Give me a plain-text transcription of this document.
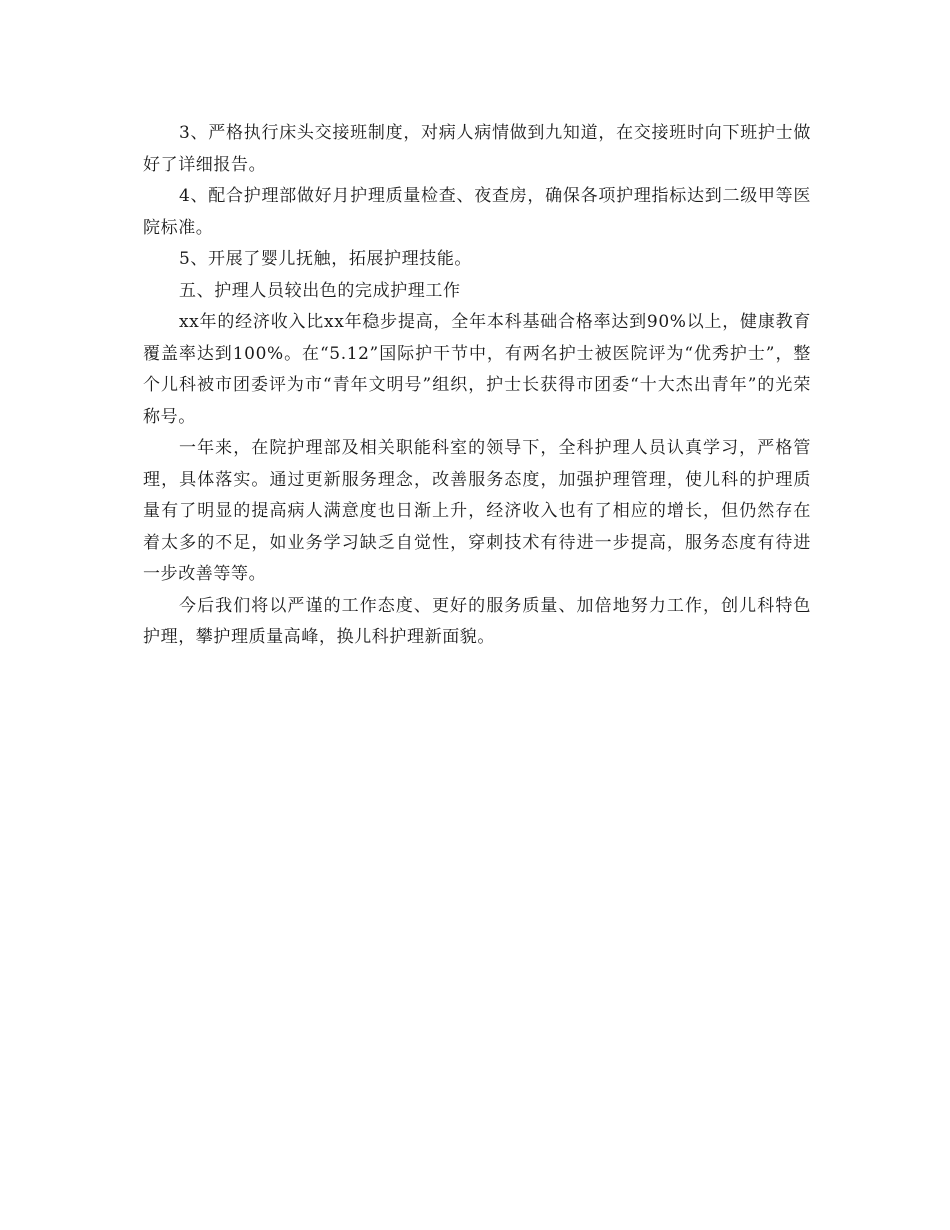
3、严格执行床头交接班制度，对病人病情做到九知道，在交接班时向下班护士做好了详细报告。

4、配合护理部做好月护理质量检查、夜查房，确保各项护理指标达到二级甲等医院标准。

5、开展了婴儿抚触，拓展护理技能。

五、护理人员较出色的完成护理工作

xx年的经济收入比xx年稳步提高，全年本科基础合格率达到90%以上，健康教育覆盖率达到100%。在“5.12”国际护干节中，有两名护士被医院评为“优秀护士”，整个儿科被市团委评为市“青年文明号”组织，护士长获得市团委“十大杰出青年”的光荣称号。

一年来，在院护理部及相关职能科室的领导下，全科护理人员认真学习，严格管理，具体落实。通过更新服务理念，改善服务态度，加强护理管理，使儿科的护理质量有了明显的提高病人满意度也日渐上升，经济收入也有了相应的增长，但仍然存在着太多的不足，如业务学习缺乏自觉性，穿刺技术有待进一步提高，服务态度有待进一步改善等等。

今后我们将以严谨的工作态度、更好的服务质量、加倍地努力工作，创儿科特色护理，攀护理质量高峰，换儿科护理新面貌。
